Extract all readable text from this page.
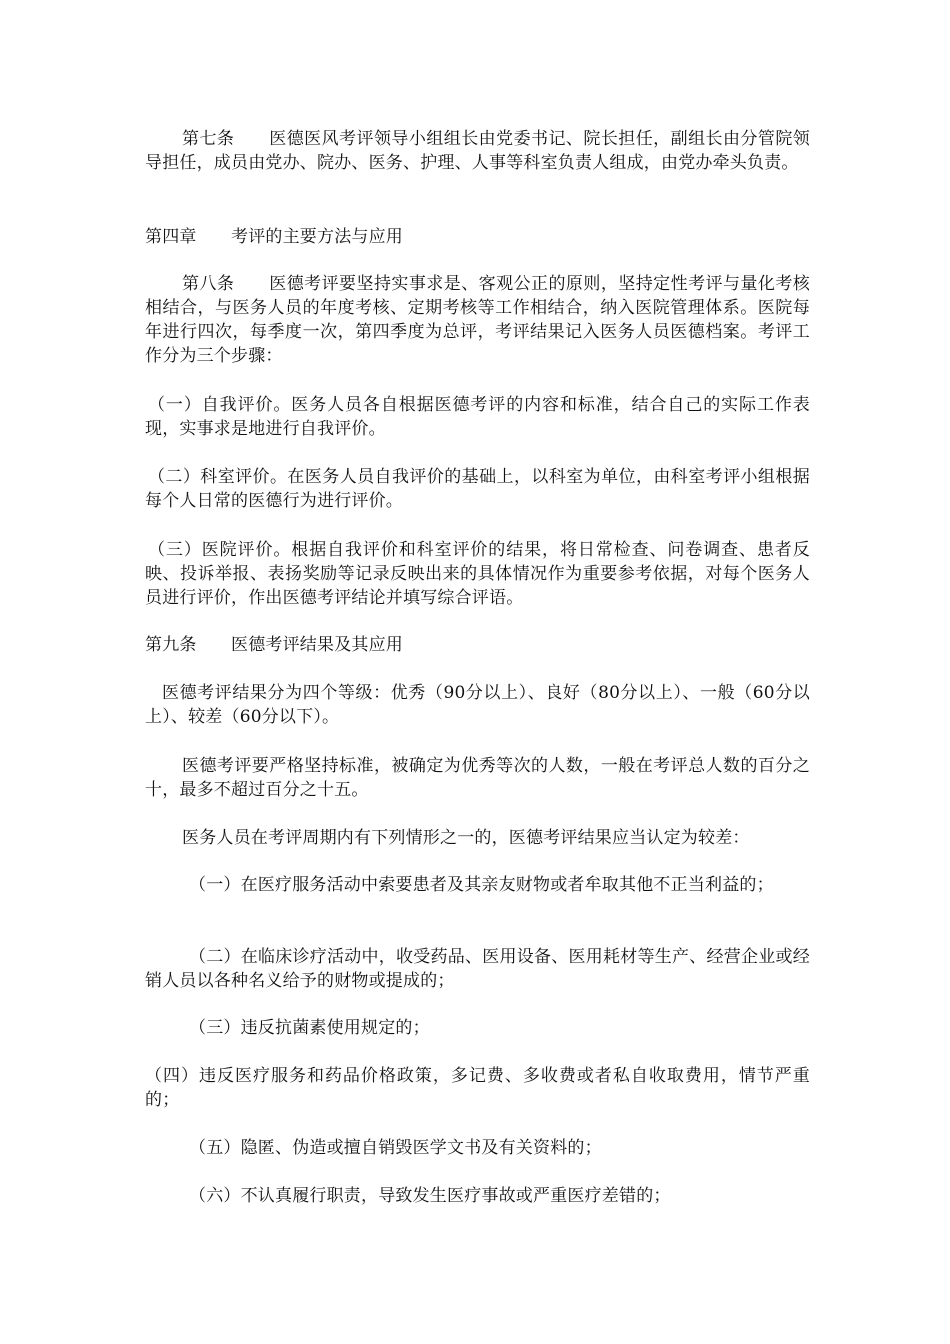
第七条　　医德医风考评领导小组组长由党委书记、院长担任，副组长由分管院领导担任，成员由党办、院办、医务、护理、人事等科室负责人组成，由党办牵头负责。
第四章　　考评的主要方法与应用
第八条　　医德考评要坚持实事求是、客观公正的原则，坚持定性考评与量化考核相结合，与医务人员的年度考核、定期考核等工作相结合，纳入医院管理体系。医院每年进行四次，每季度一次，第四季度为总评，考评结果记入医务人员医德档案。考评工作分为三个步骤：
（一）自我评价。医务人员各自根据医德考评的内容和标准，结合自己的实际工作表现，实事求是地进行自我评价。
（二）科室评价。在医务人员自我评价的基础上，以科室为单位，由科室考评小组根据每个人日常的医德行为进行评价。
（三）医院评价。根据自我评价和科室评价的结果，将日常检查、问卷调查、患者反映、投诉举报、表扬奖励等记录反映出来的具体情况作为重要参考依据，对每个医务人员进行评价，作出医德考评结论并填写综合评语。
第九条　　医德考评结果及其应用
医德考评结果分为四个等级：优秀（90分以上）、良好（80分以上）、一般（60分以上）、较差（60分以下）。
医德考评要严格坚持标准，被确定为优秀等次的人数，一般在考评总人数的百分之十，最多不超过百分之十五。
医务人员在考评周期内有下列情形之一的，医德考评结果应当认定为较差：
（一）在医疗服务活动中索要患者及其亲友财物或者牟取其他不正当利益的；
（二）在临床诊疗活动中，收受药品、医用设备、医用耗材等生产、经营企业或经销人员以各种名义给予的财物或提成的；
（三）违反抗菌素使用规定的；
（四）违反医疗服务和药品价格政策，多记费、多收费或者私自收取费用，情节严重的；
（五）隐匿、伪造或擅自销毁医学文书及有关资料的；
（六）不认真履行职责，导致发生医疗事故或严重医疗差错的；
